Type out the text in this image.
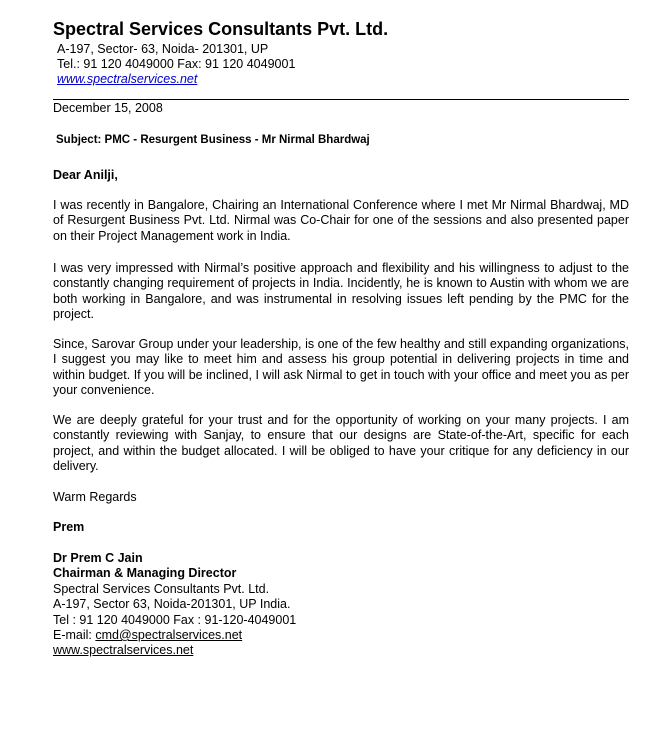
Spectral Services Consultants Pvt. Ltd.
A-197, Sector- 63, Noida- 201301, UP
Tel.: 91 120 4049000 Fax: 91 120 4049001
www.spectralservices.net
December 15, 2008
Subject: PMC - Resurgent Business - Mr Nirmal Bhardwaj
Dear Anilji,

I was recently in Bangalore, Chairing an International Conference where I met Mr Nirmal Bhardwaj, MD of Resurgent Business Pvt. Ltd. Nirmal was Co-Chair for one of the sessions and also presented paper on their Project Management work in India.

I was very impressed with Nirmal’s positive approach and flexibility and his willingness to adjust to the constantly changing requirement of projects in India. Incidently, he is known to Austin with whom we are both working in Bangalore, and was instrumental in resolving issues left pending by the PMC for the project.

Since, Sarovar Group under your leadership, is one of the few healthy and still expanding organizations, I suggest you may like to meet him and assess his group potential in delivering projects in time and within budget. If you will be inclined, I will ask Nirmal to get in touch with your office and meet you as per your convenience.

We are deeply grateful for your trust and for the opportunity of working on your many projects. I am constantly reviewing with Sanjay, to ensure that our designs are State-of-the-Art, specific for each project, and within the budget allocated. I will be obliged to have your critique for any deficiency in our delivery.

Warm Regards
Prem
Dr Prem C Jain
Chairman & Managing Director
Spectral Services Consultants Pvt. Ltd.
A-197, Sector 63, Noida-201301, UP India.
Tel : 91 120 4049000 Fax : 91-120-4049001
E-mail: cmd@spectralservices.net
www.spectralservices.net
